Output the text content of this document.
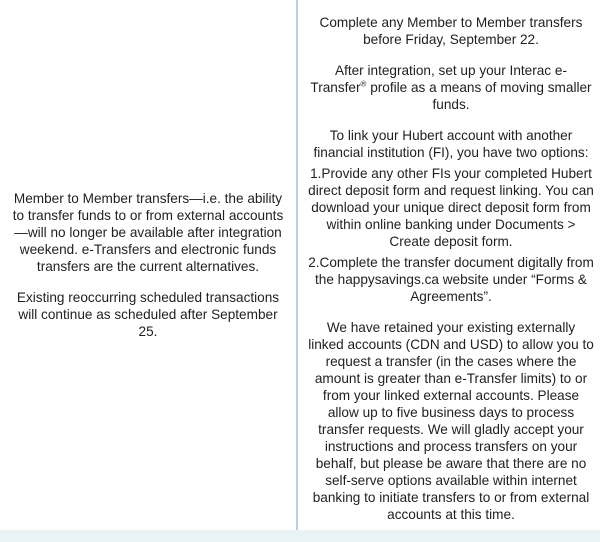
Member to Member transfers—i.e. the ability to transfer funds to or from external accounts—will no longer be available after integration weekend. e-Transfers and electronic funds transfers are the current alternatives.
Existing reoccurring scheduled transactions will continue as scheduled after September 25.
Complete any Member to Member transfers before Friday, September 22.
After integration, set up your Interac e-Transfer® profile as a means of moving smaller funds.
To link your Hubert account with another financial institution (FI), you have two options:
1.Provide any other FIs your completed Hubert direct deposit form and request linking. You can download your unique direct deposit form from within online banking under Documents > Create deposit form.
2.Complete the transfer document digitally from the happysavings.ca website under “Forms & Agreements”.
We have retained your existing externally linked accounts (CDN and USD) to allow you to request a transfer (in the cases where the amount is greater than e-Transfer limits) to or from your linked external accounts. Please allow up to five business days to process transfer requests. We will gladly accept your instructions and process transfers on your behalf, but please be aware that there are no self-serve options available within internet banking to initiate transfers to or from external accounts at this time.
